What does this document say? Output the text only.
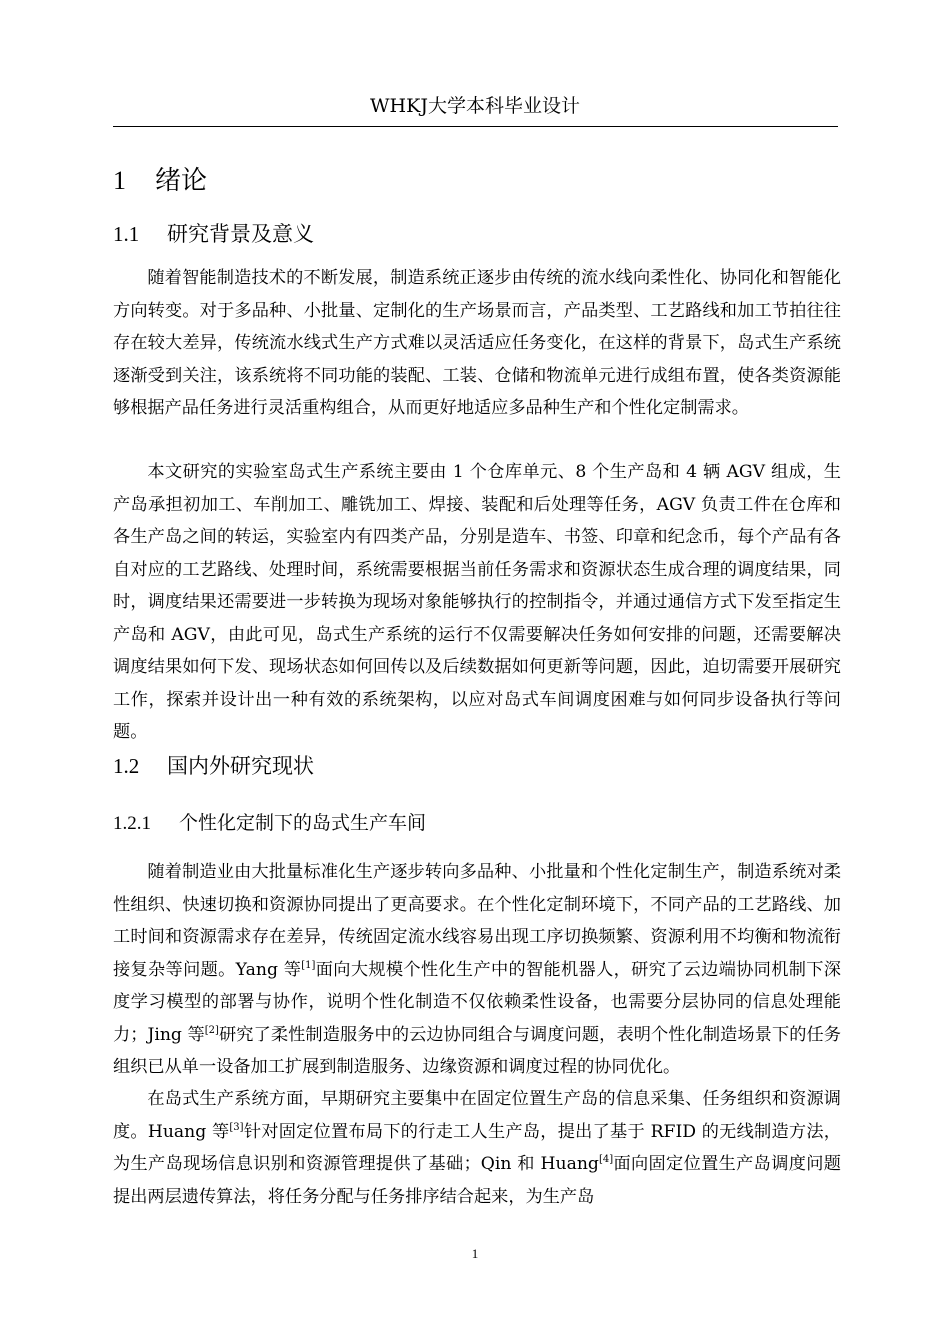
WHKJ大学本科毕业设计
1 绪论
1.1 研究背景及意义

随着智能制造技术的不断发展，制造系统正逐步由传统的流水线向柔性化、协同化和智能化方向转变。对于多品种、小批量、定制化的生产场景而言，产品类型、工艺路线和加工节拍往往存在较大差异，传统流水线式生产方式难以灵活适应任务变化，在这样的背景下，岛式生产系统逐渐受到关注，该系统将不同功能的装配、工装、仓储和物流单元进行成组布置，使各类资源能够根据产品任务进行灵活重构组合，从而更好地适应多品种生产和个性化定制需求。

本文研究的实验室岛式生产系统主要由 1 个仓库单元、8 个生产岛和 4 辆 AGV 组成，生产岛承担初加工、车削加工、雕铣加工、焊接、装配和后处理等任务，AGV 负责工件在仓库和各生产岛之间的转运，实验室内有四类产品，分别是造车、书签、印章和纪念币，每个产品有各自对应的工艺路线、处理时间，系统需要根据当前任务需求和资源状态生成合理的调度结果，同时，调度结果还需要进一步转换为现场对象能够执行的控制指令，并通过通信方式下发至指定生产岛和 AGV，由此可见，岛式生产系统的运行不仅需要解决任务如何安排的问题，还需要解决调度结果如何下发、现场状态如何回传以及后续数据如何更新等问题，因此，迫切需要开展研究工作，探索并设计出一种有效的系统架构，以应对岛式车间调度困难与如何同步设备执行等问题。

1.2 国内外研究现状
1.2.1 个性化定制下的岛式生产车间

随着制造业由大批量标准化生产逐步转向多品种、小批量和个性化定制生产，制造系统对柔性组织、快速切换和资源协同提出了更高要求。在个性化定制环境下，不同产品的工艺路线、加工时间和资源需求存在差异，传统固定流水线容易出现工序切换频繁、资源利用不均衡和物流衔接复杂等问题。Yang 等[1]面向大规模个性化生产中的智能机器人，研究了云边端协同机制下深度学习模型的部署与协作，说明个性化制造不仅依赖柔性设备，也需要分层协同的信息处理能力；Jing 等[2]研究了柔性制造服务中的云边协同组合与调度问题，表明个性化制造场景下的任务组织已从单一设备加工扩展到制造服务、边缘资源和调度过程的协同优化。

在岛式生产系统方面，早期研究主要集中在固定位置生产岛的信息采集、任务组织和资源调度。Huang 等[3]针对固定位置布局下的行走工人生产岛，提出了基于 RFID 的无线制造方法，为生产岛现场信息识别和资源管理提供了基础；Qin 和 Huang[4]面向固定位置生产岛调度问题提出两层遗传算法，将任务分配与任务排序结合起来，为生产岛

1
